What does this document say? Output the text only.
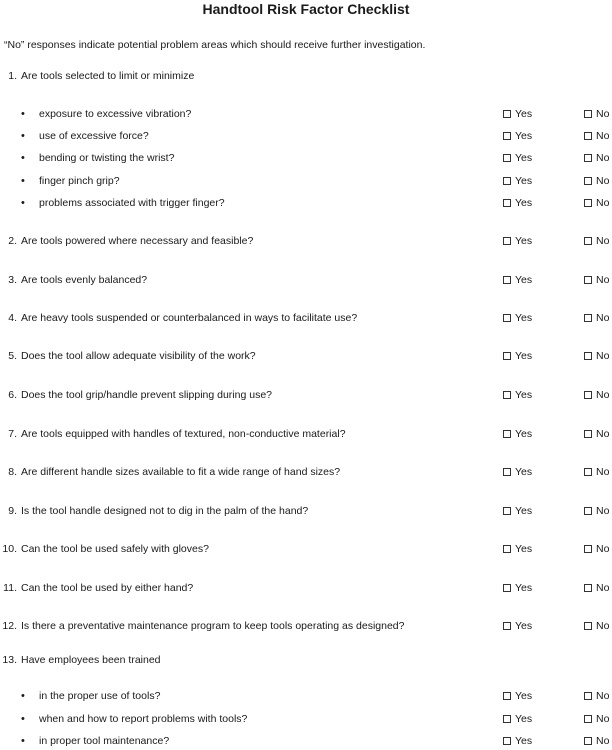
Handtool Risk Factor Checklist
“No” responses indicate potential problem areas which should receive further investigation.
1. Are tools selected to limit or minimize
• exposure to excessive vibration?	Yes	No
• use of excessive force?	Yes	No
• bending or twisting the wrist?	Yes	No
• finger pinch grip?	Yes	No
• problems associated with trigger finger?	Yes	No
2. Are tools powered where necessary and feasible?	Yes	No
3. Are tools evenly balanced?	Yes	No
4. Are heavy tools suspended or counterbalanced in ways to facilitate use?	Yes	No
5. Does the tool allow adequate visibility of the work?	Yes	No
6. Does the tool grip/handle prevent slipping during use?	Yes	No
7. Are tools equipped with handles of textured, non-conductive material?	Yes	No
8. Are different handle sizes available to fit a wide range of hand sizes?	Yes	No
9. Is the tool handle designed not to dig in the palm of the hand?	Yes	No
10. Can the tool be used safely with gloves?	Yes	No
11. Can the tool be used by either hand?	Yes	No
12. Is there a preventative maintenance program to keep tools operating as designed?	Yes	No
13. Have employees been trained
• in the proper use of tools?	Yes	No
• when and how to report problems with tools?	Yes	No
• in proper tool maintenance?	Yes	No
